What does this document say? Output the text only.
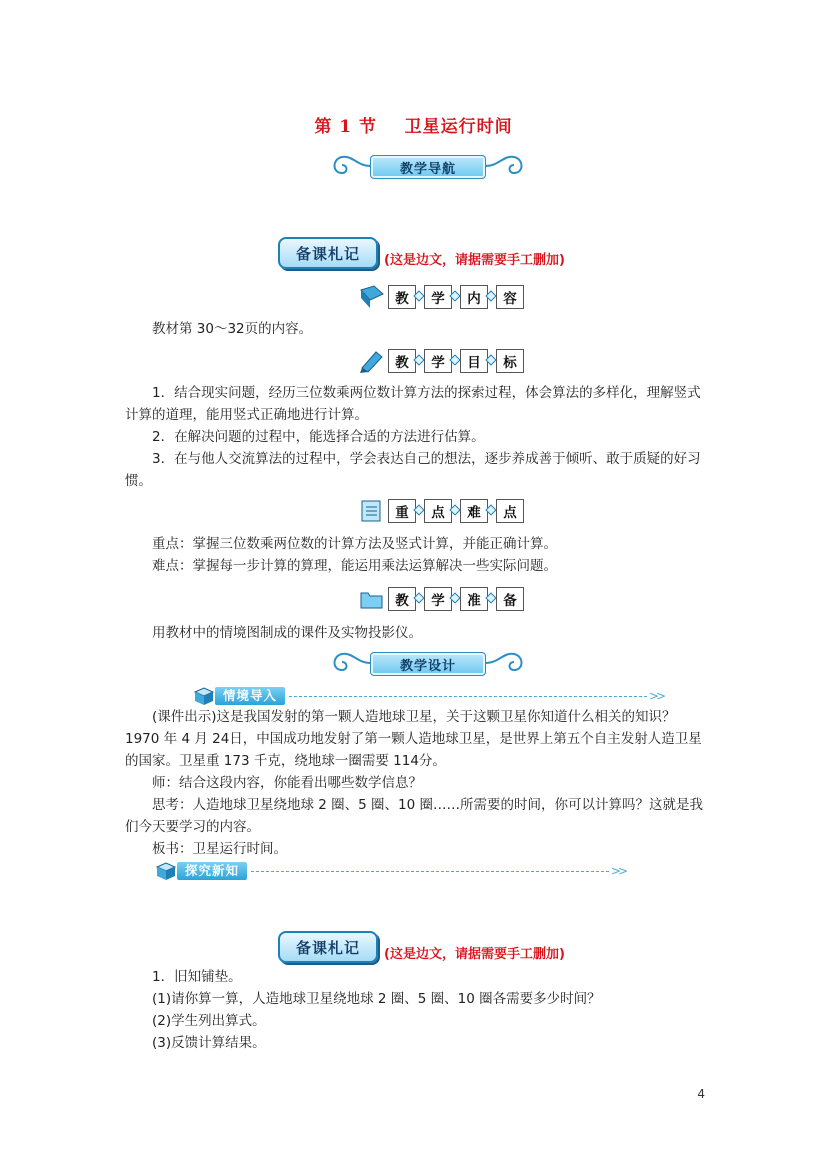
第 1 节    卫星运行时间
教学导航
备课札记 (这是边文，请据需要手工删加)
教	学	内	容

教材第 30～32页的内容。

教	学	目	标

1．结合现实问题，经历三位数乘两位数计算方法的探索过程，体会算法的多样化，理解竖式计算的道理，能用竖式正确地进行计算。

2．在解决问题的过程中，能选择合适的方法进行估算。

3．在与他人交流算法的过程中，学会表达自己的想法，逐步养成善于倾听、敢于质疑的好习惯。

重	点	难	点

重点：掌握三位数乘两位数的计算方法及竖式计算，并能正确计算。

难点：掌握每一步计算的算理，能运用乘法运算解决一些实际问题。

教	学	准	备

用教材中的情境图制成的课件及实物投影仪。

教学设计
情境导入	>>

(课件出示)这是我国发射的第一颗人造地球卫星，关于这颗卫星你知道什么相关的知识？1970 年 4 月 24日，中国成功地发射了第一颗人造地球卫星，是世界上第五个自主发射人造卫星的国家。卫星重 173 千克，绕地球一圈需要 114分。

师：结合这段内容，你能看出哪些数学信息？

思考：人造地球卫星绕地球 2 圈、5 圈、10 圈……所需要的时间，你可以计算吗？这就是我们今天要学习的内容。

板书：卫星运行时间。

探究新知	>>
备课札记 (这是边文，请据需要手工删加)

1．旧知铺垫。

(1)请你算一算，人造地球卫星绕地球 2 圈、5 圈、10 圈各需要多少时间？

(2)学生列出算式。

(3)反馈计算结果。

4
